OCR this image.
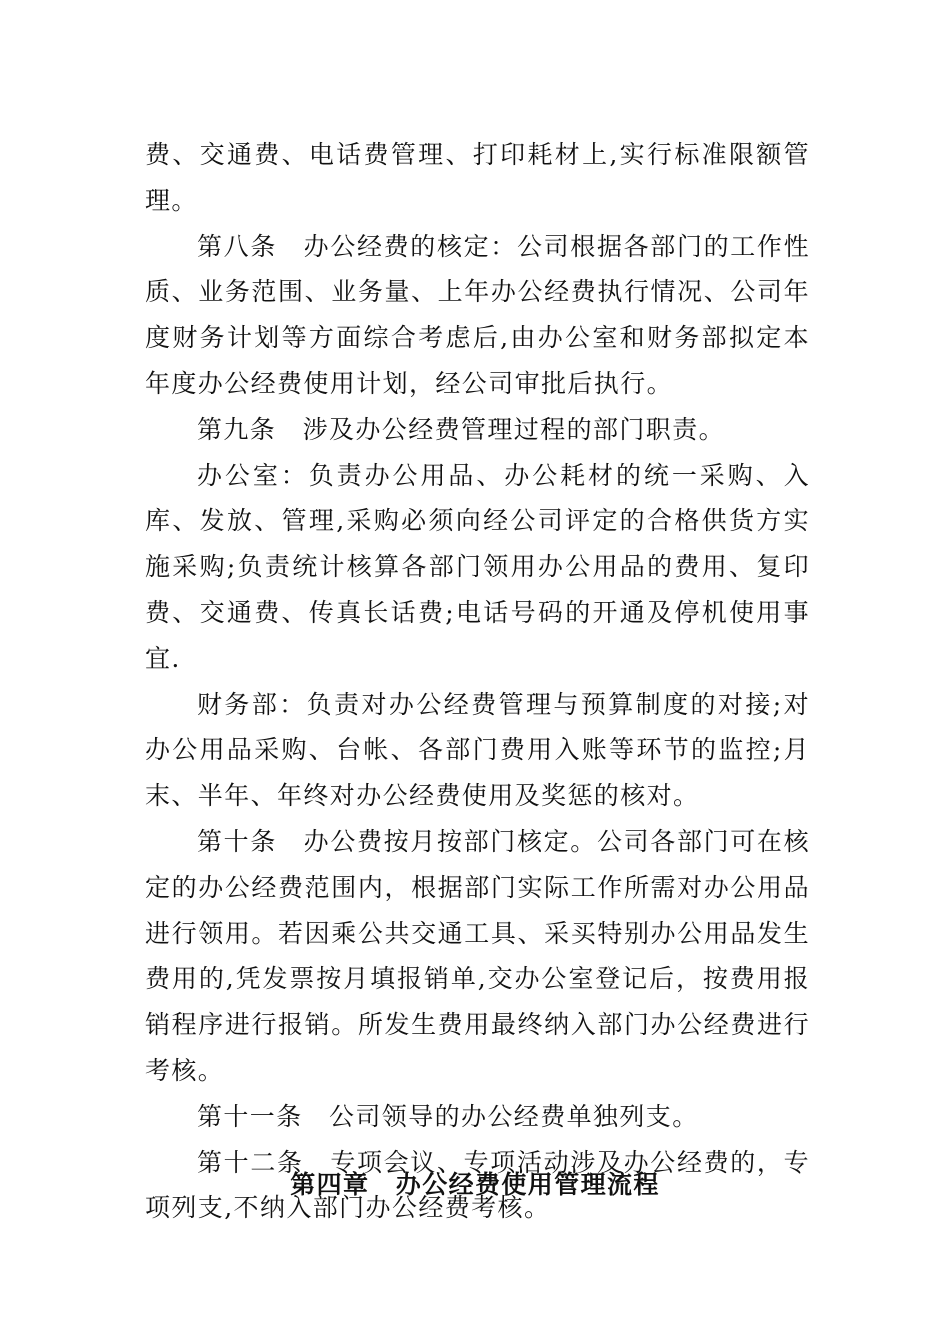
费、交通费、电话费管理、打印耗材上,实行标准限额管理。

第八条　办公经费的核定：公司根据各部门的工作性质、业务范围、业务量、上年办公经费执行情况、公司年度财务计划等方面综合考虑后,由办公室和财务部拟定本年度办公经费使用计划，经公司审批后执行。

第九条　涉及办公经费管理过程的部门职责。

办公室：负责办公用品、办公耗材的统一采购、入库、发放、管理,采购必须向经公司评定的合格供货方实施采购;负责统计核算各部门领用办公用品的费用、复印费、交通费、传真长话费;电话号码的开通及停机使用事宜.

财务部：负责对办公经费管理与预算制度的对接;对办公用品采购、台帐、各部门费用入账等环节的监控;月末、半年、年终对办公经费使用及奖惩的核对。

第十条　办公费按月按部门核定。公司各部门可在核定的办公经费范围内，根据部门实际工作所需对办公用品进行领用。若因乘公共交通工具、采买特别办公用品发生费用的,凭发票按月填报销单,交办公室登记后，按费用报销程序进行报销。所发生费用最终纳入部门办公经费进行考核。

第十一条　公司领导的办公经费单独列支。

第十二条　专项会议、专项活动涉及办公经费的，专项列支,不纳入部门办公经费考核。

第四章　办公经费使用管理流程
